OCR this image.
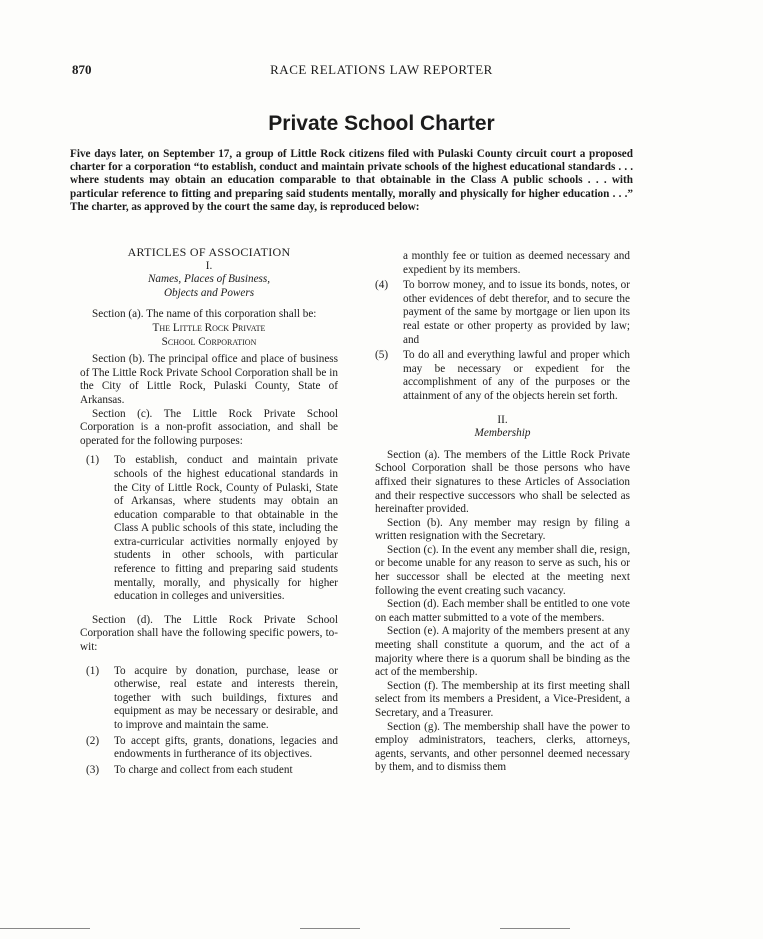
870	RACE RELATIONS LAW REPORTER
Private School Charter
Five days later, on September 17, a group of Little Rock citizens filed with Pulaski County circuit court a proposed charter for a corporation “to establish, conduct and maintain private schools of the highest educational standards . . . where students may obtain an education comparable to that obtainable in the Class A public schools . . . with particular reference to fitting and preparing said students mentally, morally and physically for higher education . . .” The charter, as approved by the court the same day, is reproduced below:

ARTICLES OF ASSOCIATION

I.

Names, Places of Business,

Objects and Powers

Section (a). The name of this corporation shall be:

The Little Rock Private

School Corporation

Section (b). The principal office and place of business of The Little Rock Private School Corporation shall be in the City of Little Rock, Pulaski County, State of Arkansas.

Section (c). The Little Rock Private School Corporation is a non-profit association, and shall be operated for the following purposes:

(1)	To establish, conduct and maintain private schools of the highest educational standards in the City of Little Rock, County of Pulaski, State of Arkansas, where students may obtain an education comparable to that obtainable in the Class A public schools of this state, including the extra-curricular activities normally enjoyed by students in other schools, with particular reference to fitting and preparing said students mentally, morally, and physically for higher education in colleges and universities.

Section (d). The Little Rock Private School Corporation shall have the following specific powers, to-wit:

(1)	To acquire by donation, purchase, lease or otherwise, real estate and interests therein, together with such buildings, fixtures and equipment as may be necessary or desirable, and to improve and maintain the same.
(2)	To accept gifts, grants, donations, legacies and endowments in furtherance of its objectives.
(3)	To charge and collect from each student

a monthly fee or tuition as deemed necessary and expedient by its members.

(4)	To borrow money, and to issue its bonds, notes, or other evidences of debt therefor, and to secure the payment of the same by mortgage or lien upon its real estate or other property as provided by law; and
(5)	To do all and everything lawful and proper which may be necessary or expedient for the accomplishment of any of the purposes or the attainment of any of the objects herein set forth.

II.

Membership

Section (a). The members of the Little Rock Private School Corporation shall be those persons who have affixed their signatures to these Articles of Association and their respective successors who shall be selected as hereinafter provided.

Section (b). Any member may resign by filing a written resignation with the Secretary.

Section (c). In the event any member shall die, resign, or become unable for any reason to serve as such, his or her successor shall be elected at the meeting next following the event creating such vacancy.

Section (d). Each member shall be entitled to one vote on each matter submitted to a vote of the members.

Section (e). A majority of the members present at any meeting shall constitute a quorum, and the act of a majority where there is a quorum shall be binding as the act of the membership.

Section (f). The membership at its first meeting shall select from its members a President, a Vice-President, a Secretary, and a Treasurer.

Section (g). The membership shall have the power to employ administrators, teachers, clerks, attorneys, agents, servants, and other personnel deemed necessary by them, and to dismiss them
